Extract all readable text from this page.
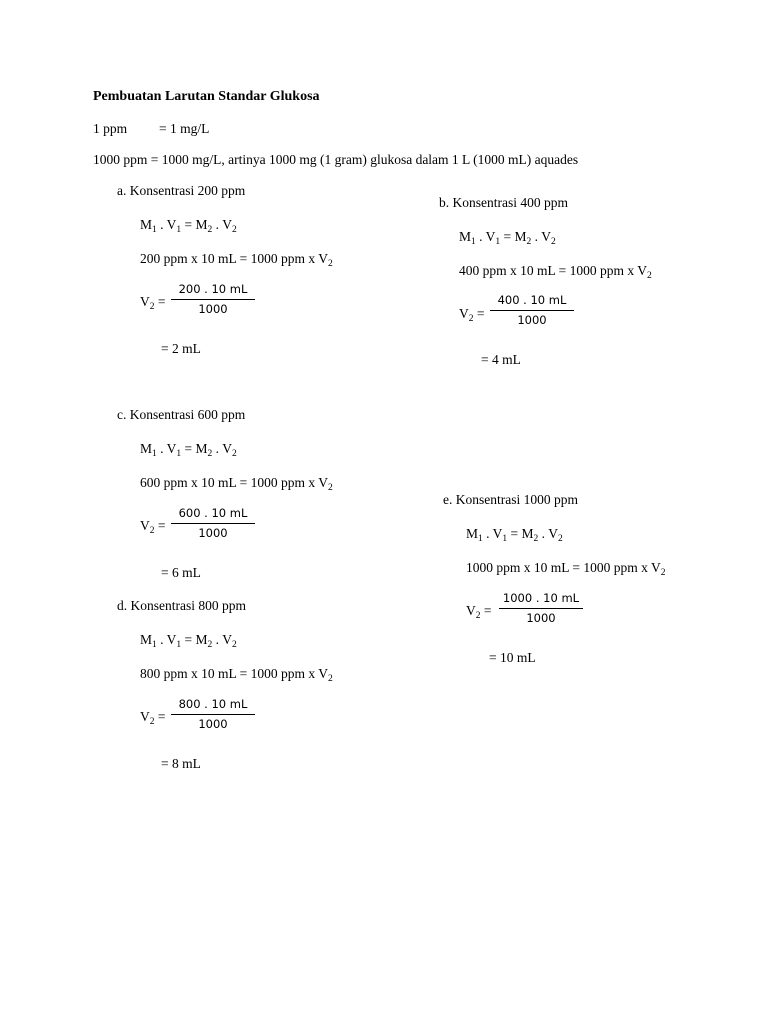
Pembuatan Larutan Standar Glukosa
1 ppm = 1 mg/L
1000 ppm = 1000 mg/L, artinya 1000 mg (1 gram) glukosa dalam 1 L (1000 mL) aquades
a. Konsentrasi 200 ppm
$M_1$ . $V_1 = M_2$ . $V_2$
200 ppm x 10 mL = 1000 ppm x $V_2$
$V_2$ =
200 . 10 mL
1000
= 2 mL
b. Konsentrasi 400 ppm
$M_1$ . $V_1 = M_2$ . $V_2$
400 ppm x 10 mL = 1000 ppm x $V_2$
$V_2$ =
400 . 10 mL
1000
= 4 mL
c. Konsentrasi 600 ppm
$M_1$ . $V_1 = M_2$ . $V_2$
600 ppm x 10 mL = 1000 ppm x $V_2$
$V_2$ =
600 . 10 mL
1000
= 6 mL
d. Konsentrasi 800 ppm
$M_1$ . $V_1 = M_2$ . $V_2$
800 ppm x 10 mL = 1000 ppm x $V_2$
$V_2$ =
800 . 10 mL
1000
= 8 mL
e. Konsentrasi 1000 ppm
$M_1$ . $V_1 = M_2$ . $V_2$
1000 ppm x 10 mL = 1000 ppm x $V_2$
$V_2$ =
1000 . 10 mL
1000
= 10 mL
